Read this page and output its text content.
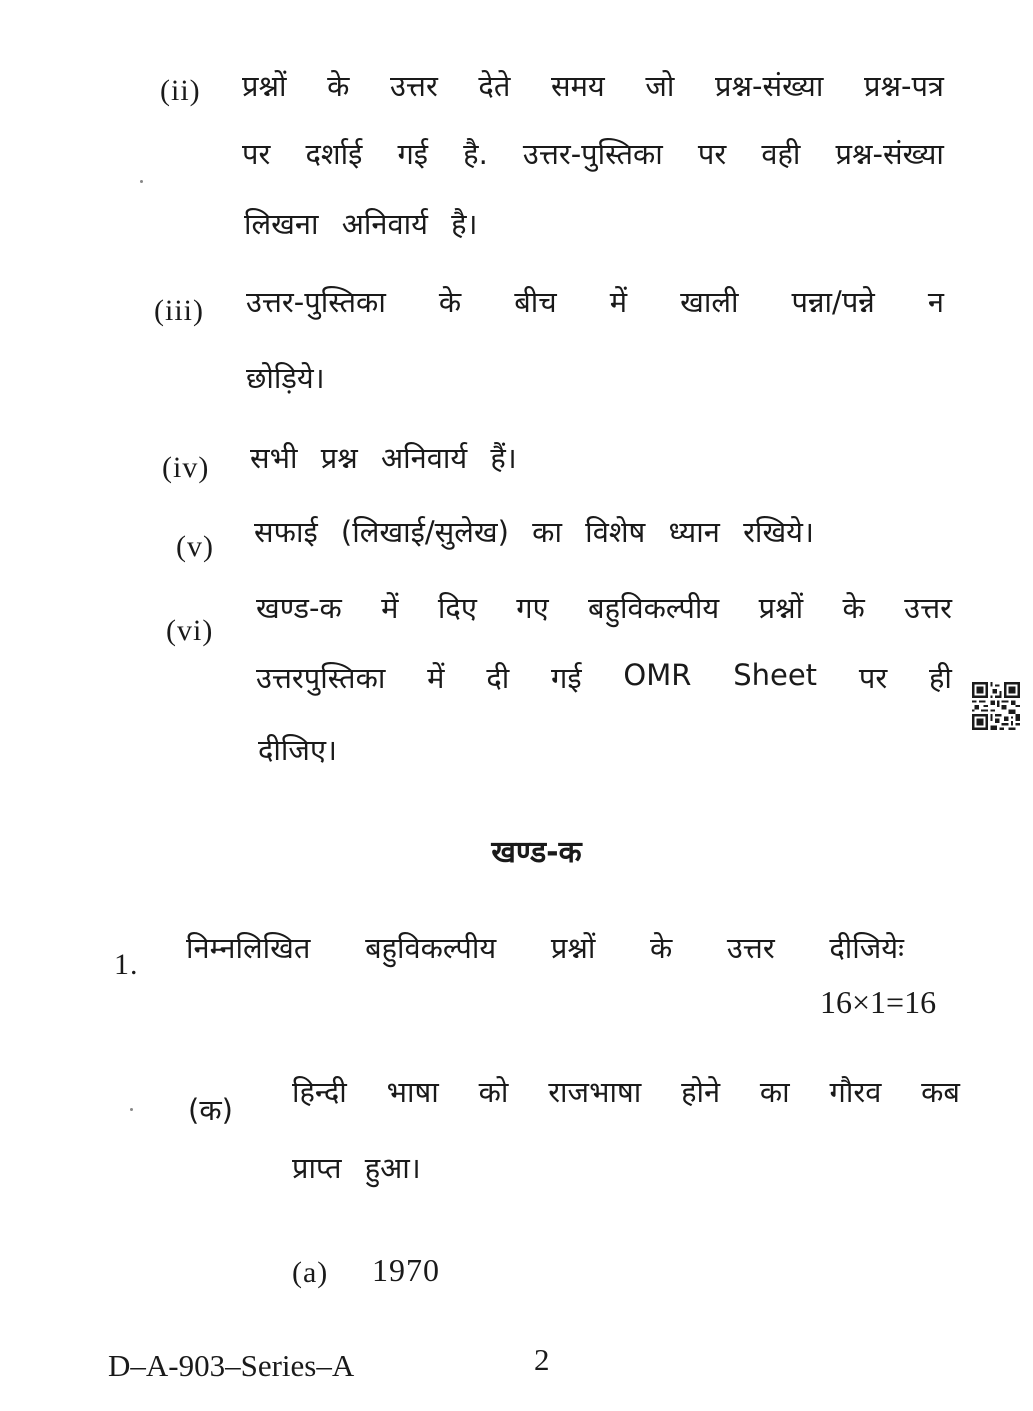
(ii) प्रश्नों के उत्तर देते समय जो प्रश्न-संख्या प्रश्न-पत्र
पर दर्शाई गई है. उत्तर-पुस्तिका पर वही प्रश्न-संख्या
लिखना अनिवार्य है।
(iii) उत्तर-पुस्तिका के बीच में खाली पन्ना/पन्ने न
छोड़िये।
(iv) सभी प्रश्न अनिवार्य हैं।
(v) सफाई (लिखाई/सुलेख) का विशेष ध्यान रखिये।
(vi)
खण्ड-क में दिए गए बहुविकल्पीय प्रश्नों के उत्तर
उत्तरपुस्तिका में दी गई OMR Sheet पर ही
दीजिए।
खण्ड-क
1. निम्नलिखित बहुविकल्पीय प्रश्नों के उत्तर दीजियेः
16×1=16
(क)
हिन्दी भाषा को राजभाषा होने का गौरव कब
प्राप्त हुआ।
(a) 1970
D–A-903–Series–A	2
